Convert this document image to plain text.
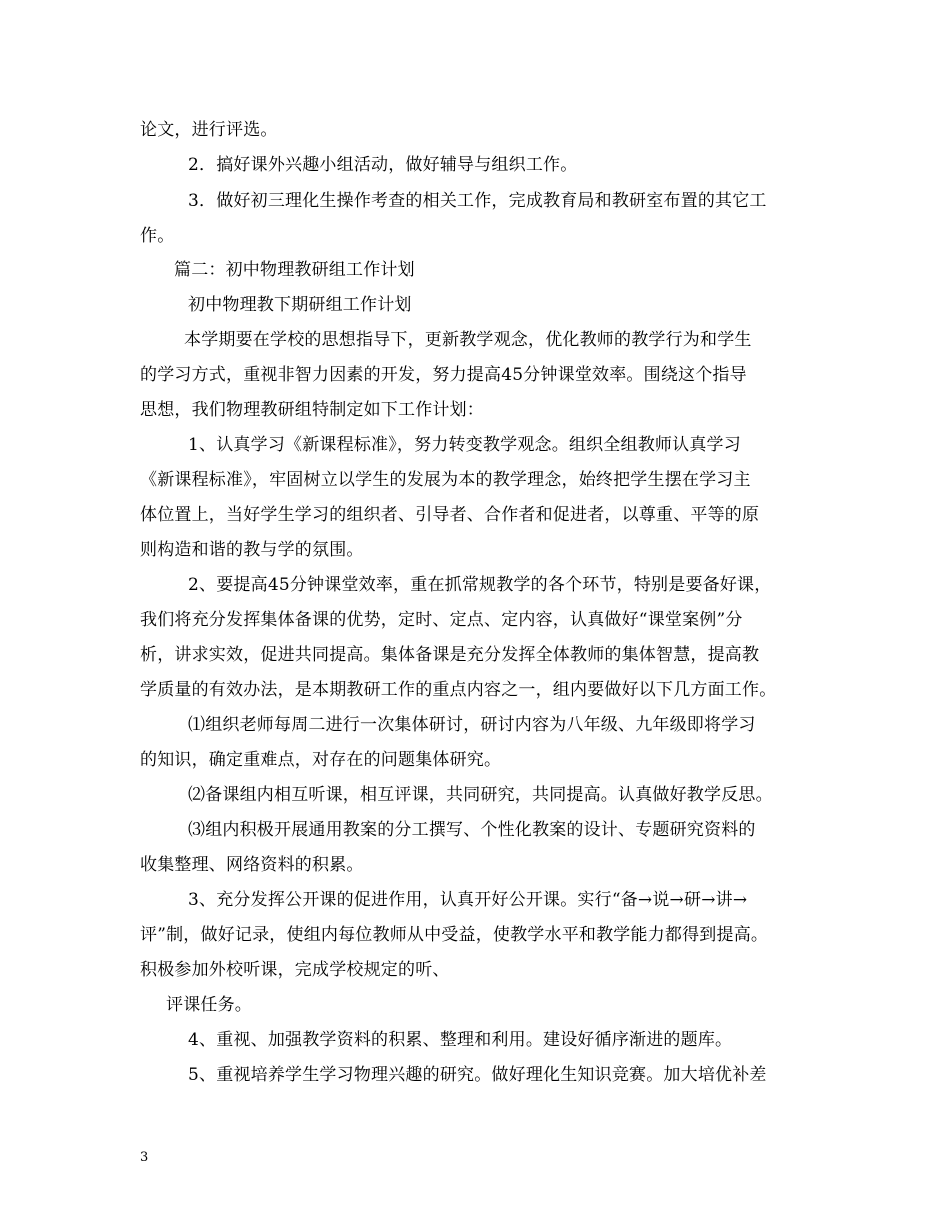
论文，进行评选。
2．搞好课外兴趣小组活动，做好辅导与组织工作。
3．做好初三理化生操作考查的相关工作，完成教育局和教研室布置的其它工
作。
篇二：初中物理教研组工作计划
初中物理教下期研组工作计划
本学期要在学校的思想指导下，更新教学观念，优化教师的教学行为和学生
的学习方式，重视非智力因素的开发，努力提高45分钟课堂效率。围绕这个指导
思想，我们物理教研组特制定如下工作计划：
1、认真学习《新课程标准》，努力转变教学观念。组织全组教师认真学习
《新课程标准》，牢固树立以学生的发展为本的教学理念，始终把学生摆在学习主
体位置上，当好学生学习的组织者、引导者、合作者和促进者，以尊重、平等的原
则构造和谐的教与学的氛围。
2、要提高45分钟课堂效率，重在抓常规教学的各个环节，特别是要备好课，
我们将充分发挥集体备课的优势，定时、定点、定内容，认真做好“课堂案例”分
析，讲求实效，促进共同提高。集体备课是充分发挥全体教师的集体智慧，提高教
学质量的有效办法，是本期教研工作的重点内容之一，组内要做好以下几方面工作。
⑴组织老师每周二进行一次集体研讨，研讨内容为八年级、九年级即将学习
的知识，确定重难点，对存在的问题集体研究。
⑵备课组内相互听课，相互评课，共同研究，共同提高。认真做好教学反思。
⑶组内积极开展通用教案的分工撰写、个性化教案的设计、专题研究资料的
收集整理、网络资料的积累。
3、充分发挥公开课的促进作用，认真开好公开课。实行“备→说→研→讲→
评”制，做好记录，使组内每位教师从中受益，使教学水平和教学能力都得到提高。
积极参加外校听课，完成学校规定的听、
评课任务。
4、重视、加强教学资料的积累、整理和利用。建设好循序渐进的题库。
5、重视培养学生学习物理兴趣的研究。做好理化生知识竞赛。加大培优补差
3
